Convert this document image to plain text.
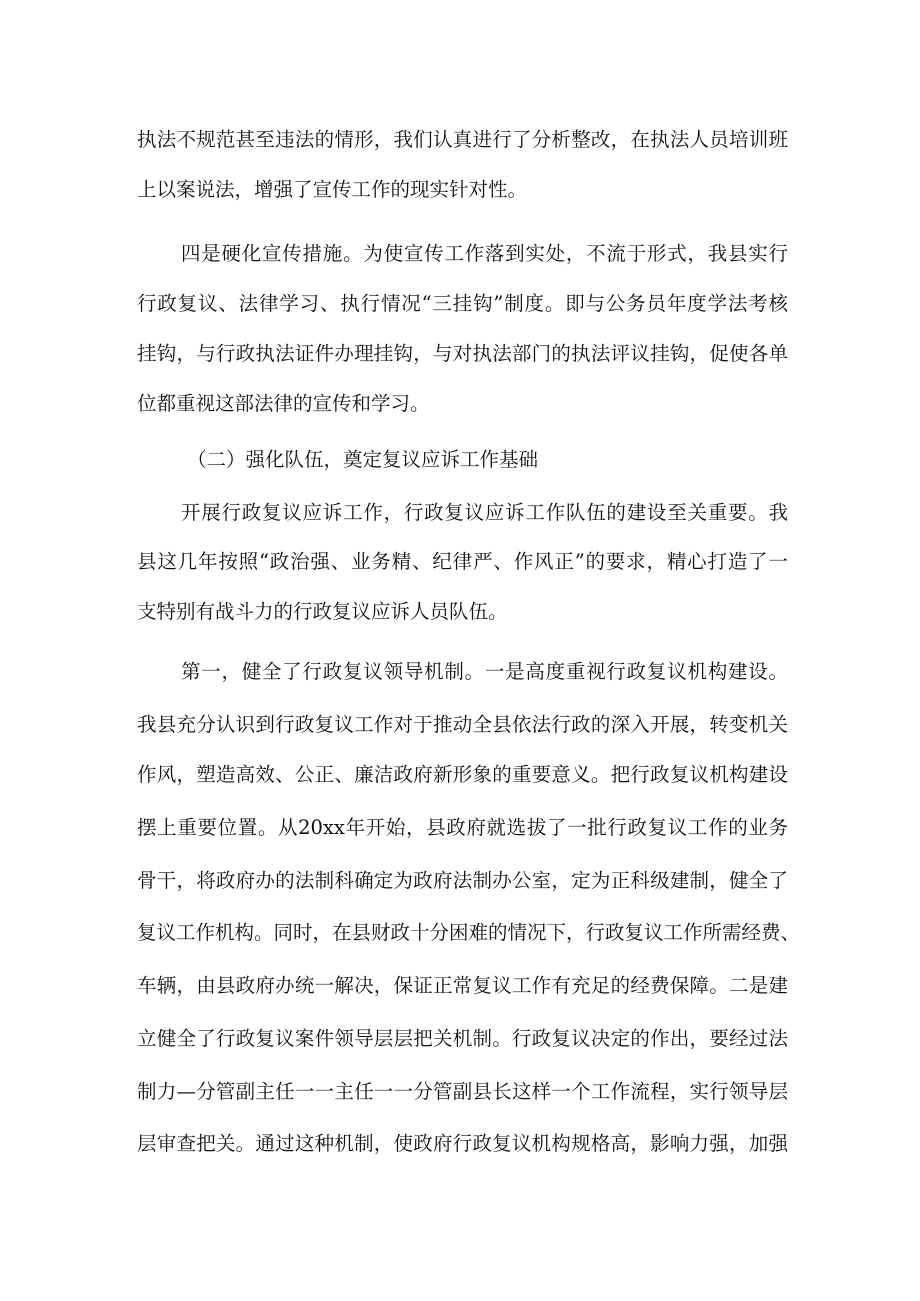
执法不规范甚至违法的情形，我们认真进行了分析整改，在执法人员培训班

上以案说法，增强了宣传工作的现实针对性。

四是硬化宣传措施。为使宣传工作落到实处，不流于形式，我县实行

行政复议、法律学习、执行情况“三挂钩”制度。即与公务员年度学法考核

挂钩，与行政执法证件办理挂钩，与对执法部门的执法评议挂钩，促使各单

位都重视这部法律的宣传和学习。

（二）强化队伍，奠定复议应诉工作基础

开展行政复议应诉工作，行政复议应诉工作队伍的建设至关重要。我

县这几年按照“政治强、业务精、纪律严、作风正”的要求，精心打造了一

支特别有战斗力的行政复议应诉人员队伍。

第一，健全了行政复议领导机制。一是高度重视行政复议机构建设。

我县充分认识到行政复议工作对于推动全县依法行政的深入开展，转变机关

作风，塑造高效、公正、廉洁政府新形象的重要意义。把行政复议机构建设

摆上重要位置。从20xx年开始，县政府就选拔了一批行政复议工作的业务

骨干，将政府办的法制科确定为政府法制办公室，定为正科级建制，健全了

复议工作机构。同时，在县财政十分困难的情况下，行政复议工作所需经费、

车辆，由县政府办统一解决，保证正常复议工作有充足的经费保障。二是建

立健全了行政复议案件领导层层把关机制。行政复议决定的作出，要经过法

制力—分管副主任一一主任一一分管副县长这样一个工作流程，实行领导层

层审查把关。通过这种机制，使政府行政复议机构规格高，影响力强，加强
